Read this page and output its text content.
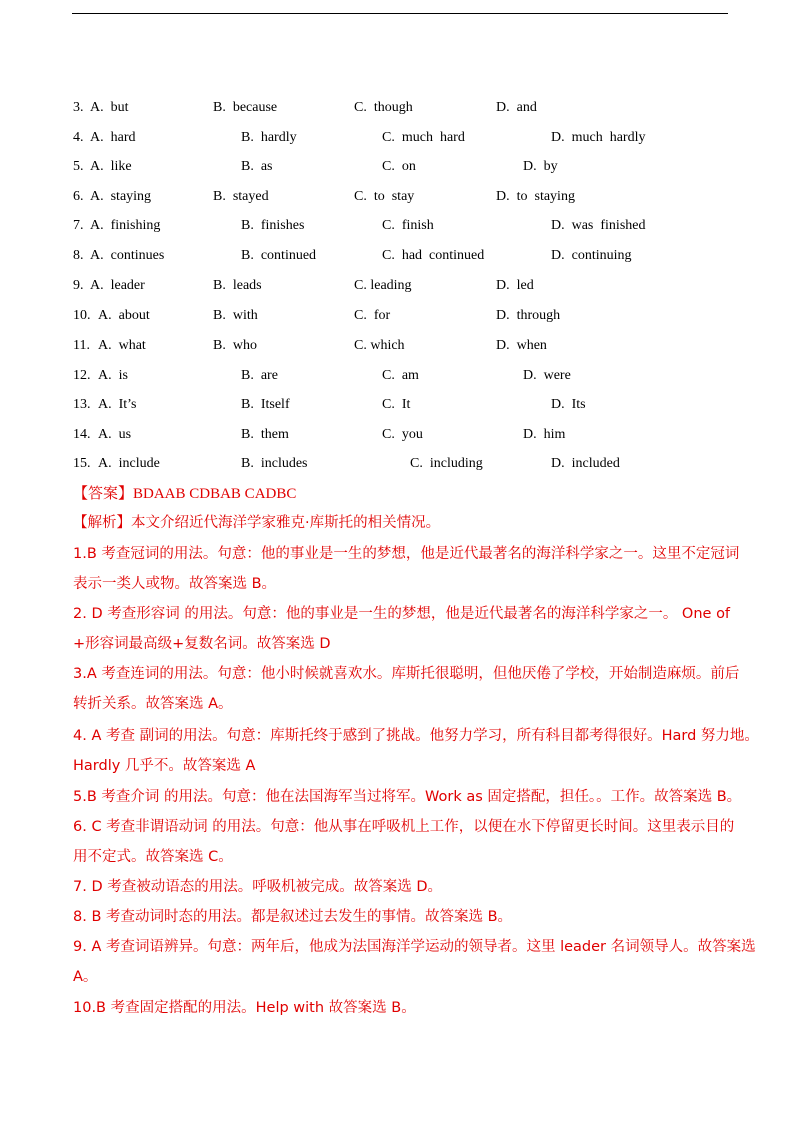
3. A.  but	B.  because	C.  though	D.  and
4. A.  hard	B.  hardly	C.  much  hard	D.  much  hardly
5. A.  like	B.  as	C.  on	D.  by
6. A.  staying	B.  stayed	C.  to  stay	D.  to  staying
7. A.  finishing	B.  finishes	C.  finish	D.  was  finished
8. A.  continues	B.  continued	C.  had  continued	D.  continuing
9. A.  leader	B.  leads	C. leading	D.  led
10. A.  about	B.  with	C.  for	D.  through
11. A.  what	B.  who	C. which	D.  when
12. A.  is	B.  are	C.  am	D.  were
13. A.  It’s	B.  Itself	C.  It	D.  Its
14. A.  us	B.  them	C.  you	D.  him
15. A.  include	B.  includes	C.  including	D.  included
【答案】BDAAB CDBAB CADBC
【解析】本文介绍近代海洋学家雅克·库斯托的相关情况。
1.B 考查冠词的用法。句意：他的事业是一生的梦想，他是近代最著名的海洋科学家之一。这里不定冠词
表示一类人或物。故答案选 B。
2. D 考查形容词 的用法。句意：他的事业是一生的梦想，他是近代最著名的海洋科学家之一。 One of
+形容词最高级+复数名词。故答案选 D
3.A 考查连词的用法。句意：他小时候就喜欢水。库斯托很聪明，但他厌倦了学校，开始制造麻烦。前后
转折关系。故答案选 A。
4. A 考查 副词的用法。句意：库斯托终于感到了挑战。他努力学习，所有科目都考得很好。Hard 努力地。
Hardly 几乎不。故答案选 A
5.B 考查介词 的用法。句意：他在法国海军当过将军。Work as 固定搭配，担任。。工作。故答案选 B。
6. C 考查非谓语动词 的用法。句意：他从事在呼吸机上工作，以便在水下停留更长时间。这里表示目的
用不定式。故答案选 C。
7. D 考查被动语态的用法。呼吸机被完成。故答案选 D。
8. B 考查动词时态的用法。都是叙述过去发生的事情。故答案选 B。
9. A 考查词语辨异。句意：两年后，他成为法国海洋学运动的领导者。这里 leader 名词领导人。故答案选
A。
10.B 考查固定搭配的用法。Help with 故答案选 B。
